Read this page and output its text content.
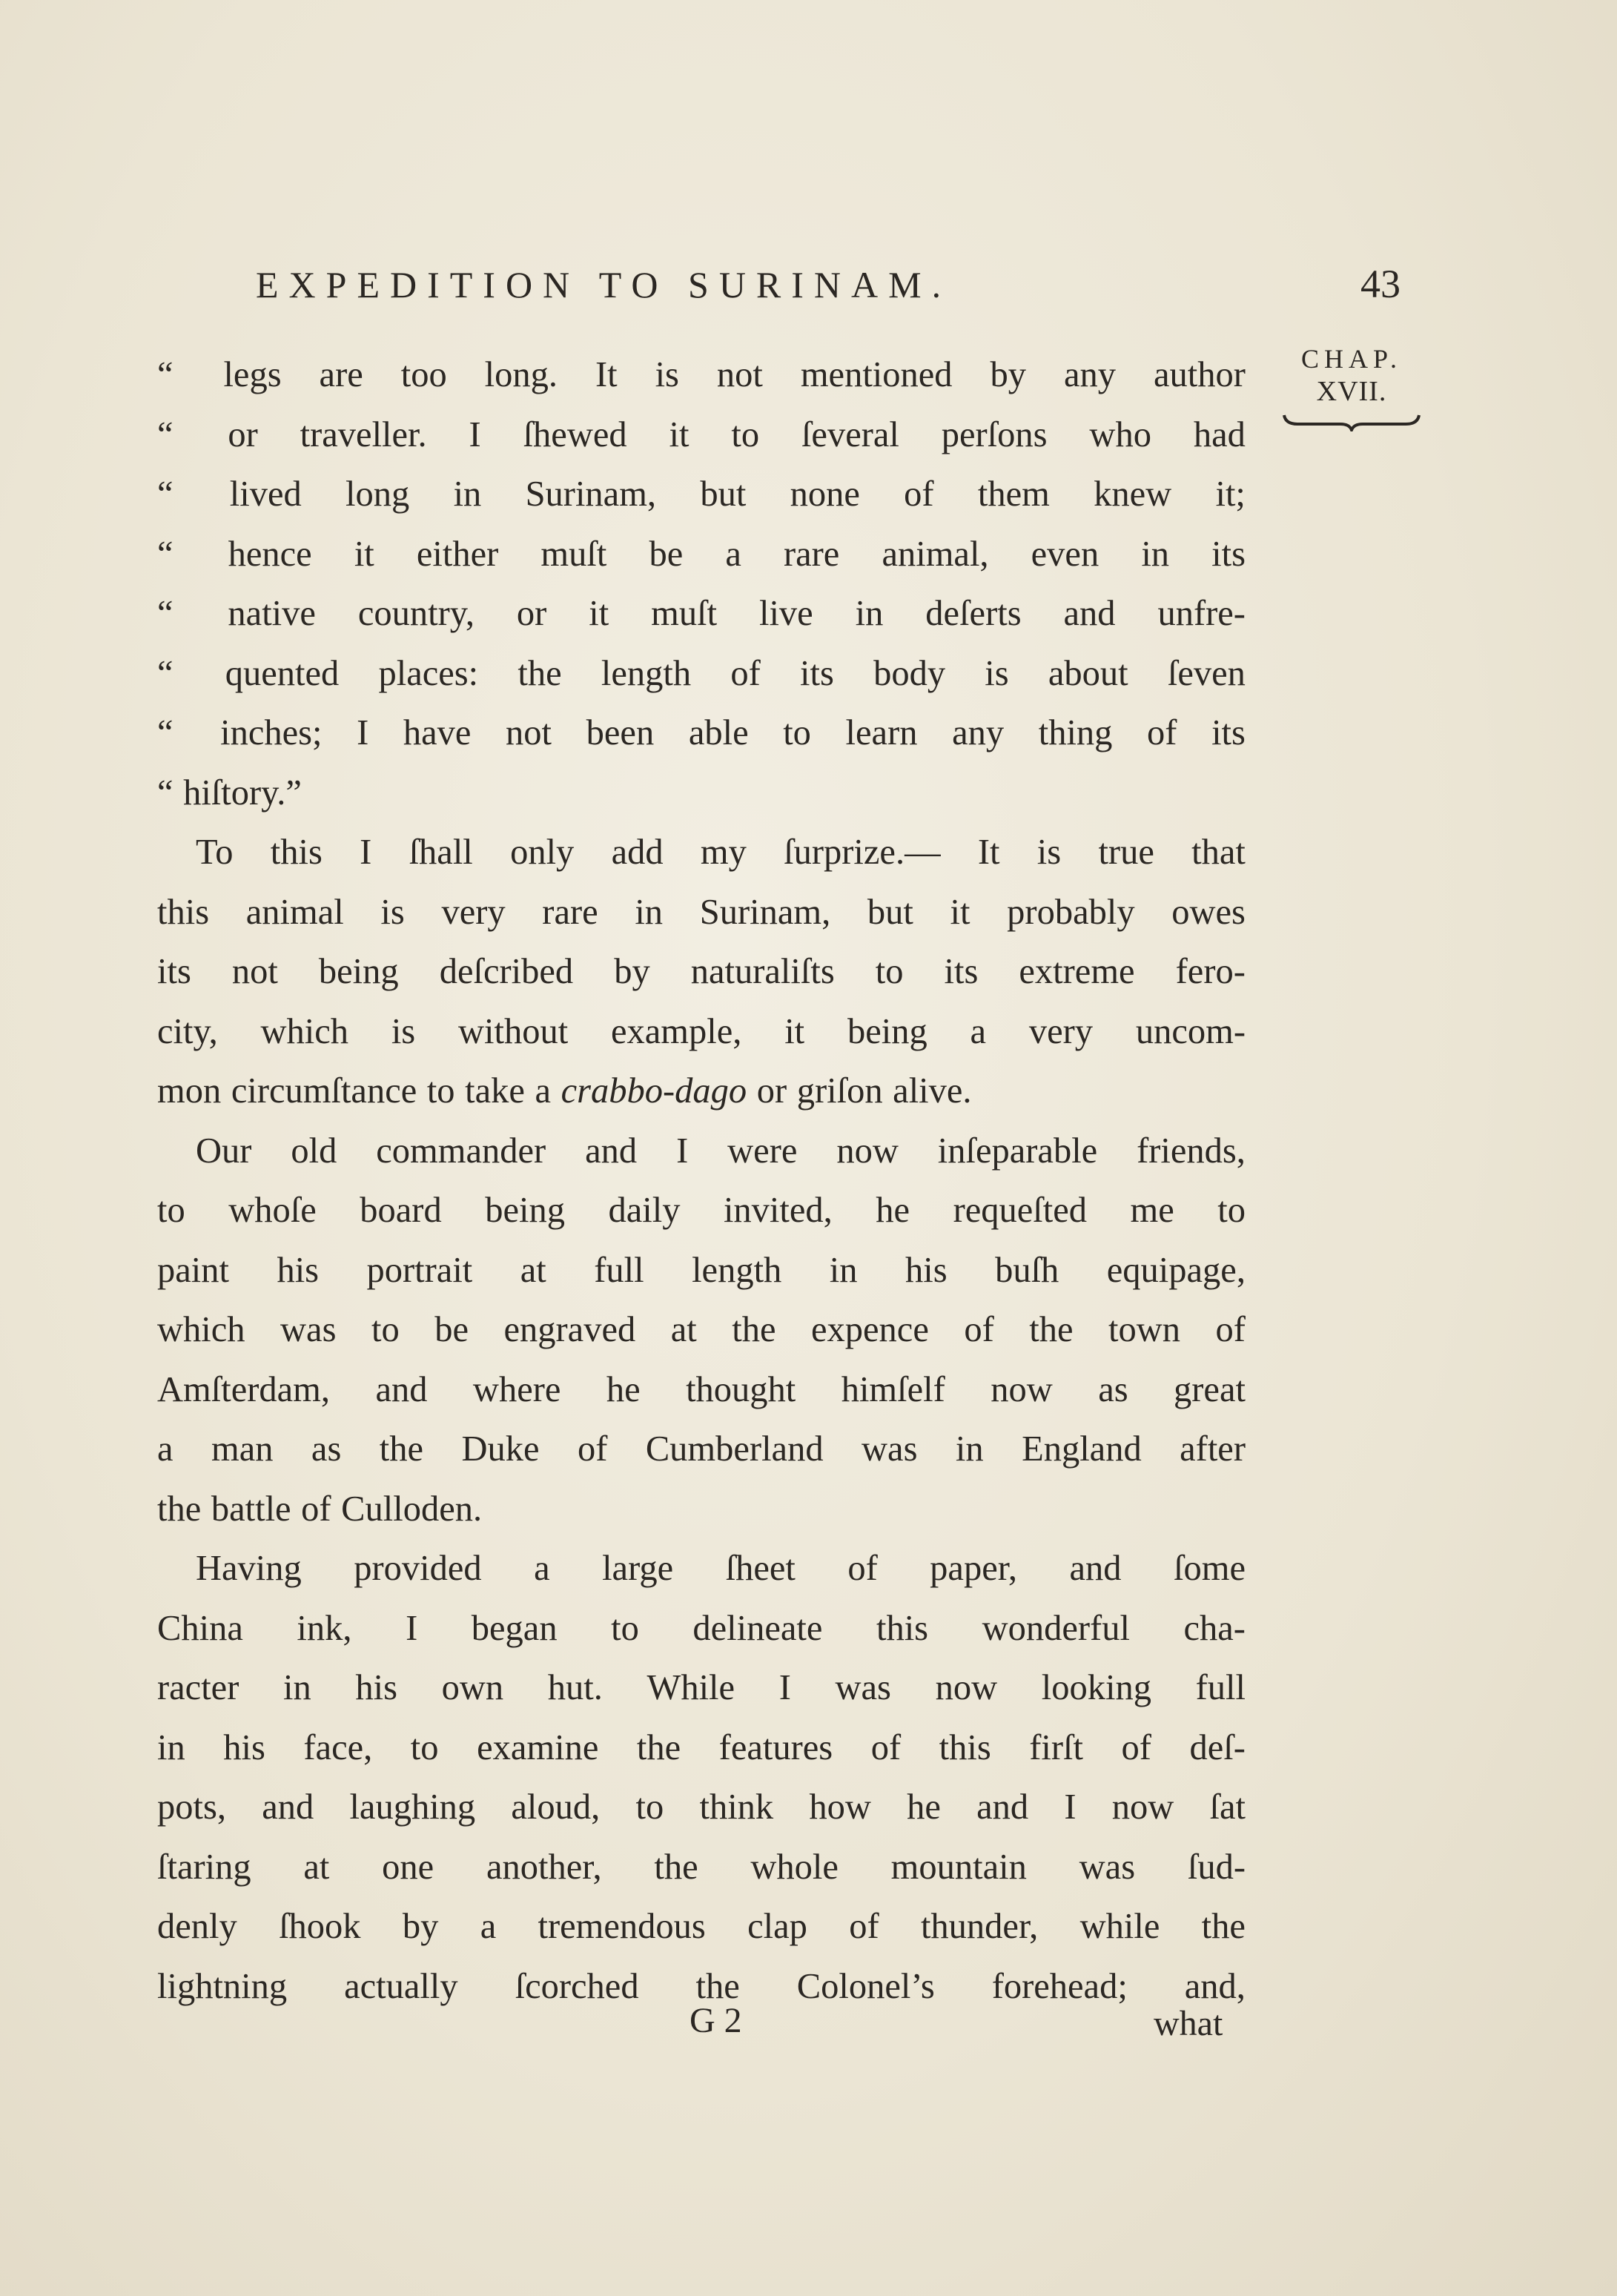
EXPEDITION TO SURINAM.	43
CHAP.
XVII.
“ legs are too long. It is not mentioned by any author
“ or traveller. I ſhewed it to ſeveral perſons who had
“ lived long in Surinam, but none of them knew it;
“ hence it either muſt be a rare animal, even in its
“ native country, or it muſt live in deſerts and unfre-
“ quented places: the length of its body is about ſeven
“ inches; I have not been able to learn any thing of its
“ hiſtory.”
To this I ſhall only add my ſurprize.— It is true that
this animal is very rare in Surinam, but it probably owes
its not being deſcribed by naturaliſts to its extreme fero-
city, which is without example, it being a very uncom-
mon circumſtance to take a crabbo-dago or griſon alive.
Our old commander and I were now inſeparable friends,
to whoſe board being daily invited, he requeſted me to
paint his portrait at full length in his buſh equipage,
which was to be engraved at the expence of the town of
Amſterdam, and where he thought himſelf now as great
a man as the Duke of Cumberland was in England after
the battle of Culloden.
Having provided a large ſheet of paper, and ſome
China ink, I began to delineate this wonderful cha-
racter in his own hut. While I was now looking full
in his face, to examine the features of this firſt of deſ-
pots, and laughing aloud, to think how he and I now ſat
ſtaring at one another, the whole mountain was ſud-
denly ſhook by a tremendous clap of thunder, while the
lightning actually ſcorched the Colonel’s forehead; and,
G 2	what
